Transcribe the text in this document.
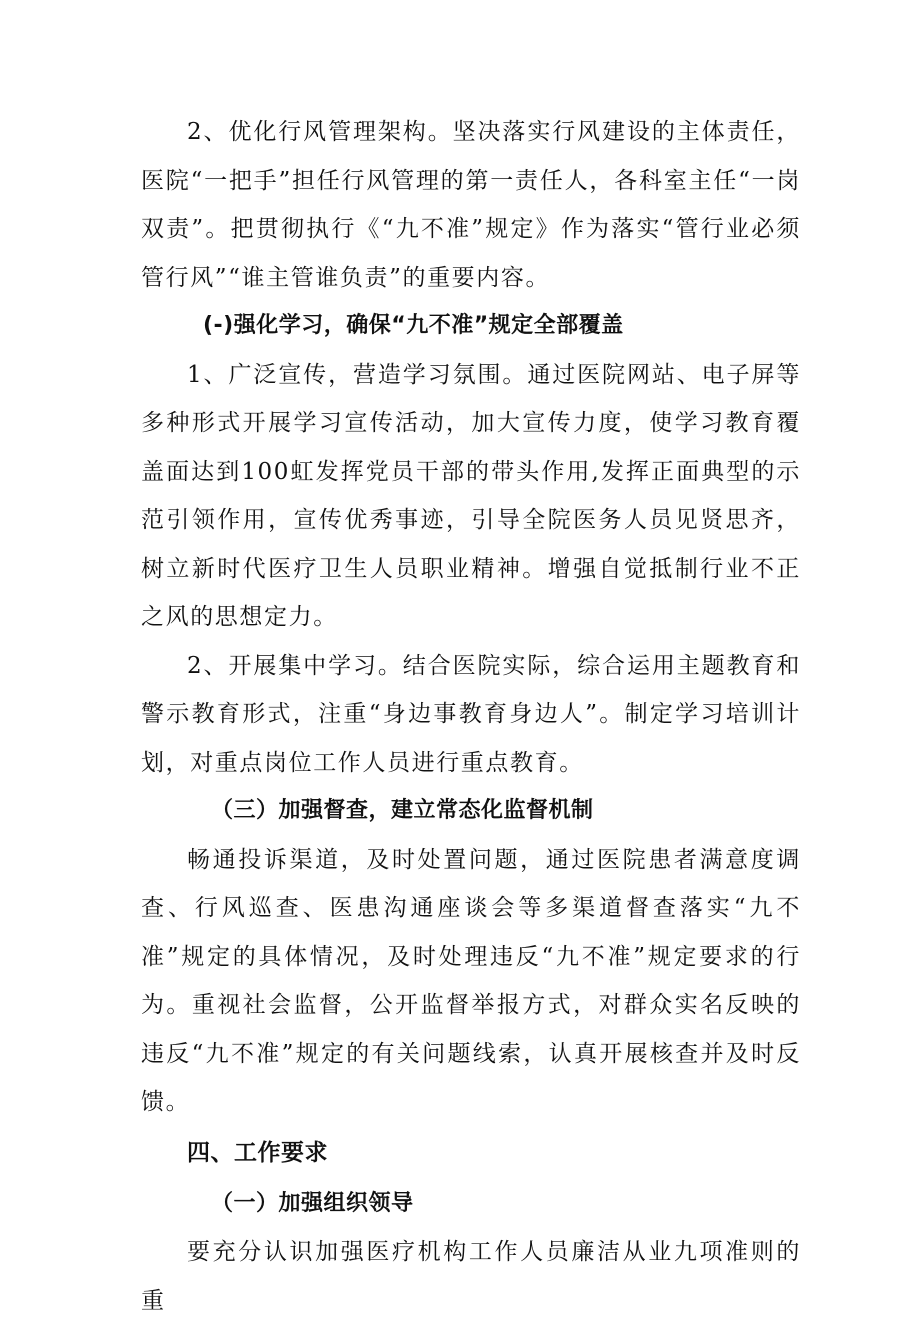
2、优化行风管理架构。坚决落实行风建设的主体责任，医院“一把手”担任行风管理的第一责任人，各科室主任“一岗双责”。把贯彻执行《“九不准”规定》作为落实“管行业必须管行风”“谁主管谁负责”的重要内容。

(-)强化学习，确保“九不准”规定全部覆盖

1、广泛宣传，营造学习氛围。通过医院网站、电子屏等多种形式开展学习宣传活动，加大宣传力度，使学习教育覆盖面达到100虹发挥党员干部的带头作用,发挥正面典型的示范引领作用，宣传优秀事迹，引导全院医务人员见贤思齐，树立新时代医疗卫生人员职业精神。增强自觉抵制行业不正之风的思想定力。

2、开展集中学习。结合医院实际，综合运用主题教育和警示教育形式，注重“身边事教育身边人”。制定学习培训计划，对重点岗位工作人员进行重点教育。

（三）加强督查，建立常态化监督机制

畅通投诉渠道，及时处置问题，通过医院患者满意度调查、行风巡查、医患沟通座谈会等多渠道督查落实“九不准”规定的具体情况，及时处理违反“九不准”规定要求的行为。重视社会监督，公开监督举报方式，对群众实名反映的违反“九不准”规定的有关问题线索，认真开展核查并及时反馈。

四、工作要求

（一）加强组织领导

要充分认识加强医疗机构工作人员廉洁从业九项准则的重
